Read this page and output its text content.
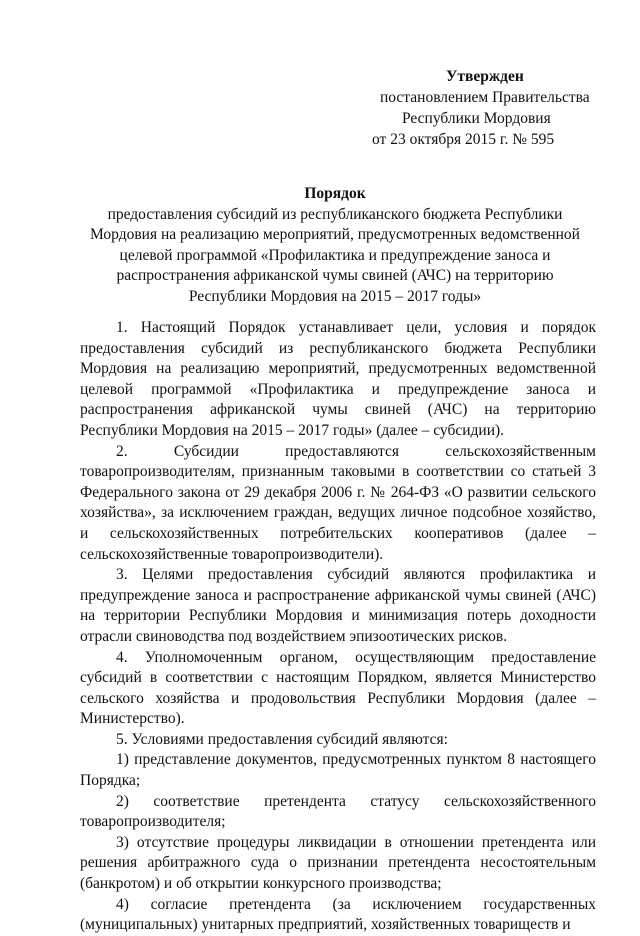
Утвержден
постановлением Правительства
Республики Мордовия
от 23 октября 2015 г. № 595
Порядок
предоставления субсидий из республиканского бюджета Республики
Мордовия на реализацию мероприятий, предусмотренных ведомственной
целевой программой «Профилактика и предупреждение заноса и
распространения африканской чумы свиней (АЧС) на территорию
Республики Мордовия на 2015 – 2017 годы»

1. Настоящий Порядок устанавливает цели, условия и порядок предоставления субсидий из республиканского бюджета Республики Мордовия на реализацию мероприятий, предусмотренных ведомственной целевой программой «Профилактика и предупреждение заноса и распространения африканской чумы свиней (АЧС) на территорию Республики Мордовия на 2015 – 2017 годы» (далее – субсидии).

2. Субсидии предоставляются сельскохозяйственным товаропроизводителям, признанным таковыми в соответствии со статьей 3 Федерального закона от 29 декабря 2006 г. № 264-ФЗ «О развитии сельского хозяйства», за исключением граждан, ведущих личное подсобное хозяйство, и сельскохозяйственных потребительских кооперативов (далее – сельскохозяйственные товаропроизводители).

3. Целями предоставления субсидий являются профилактика и предупреждение заноса и распространение африканской чумы свиней (АЧС) на территории Республики Мордовия и минимизация потерь доходности отрасли свиноводства под воздействием эпизоотических рисков.

4. Уполномоченным органом, осуществляющим предоставление субсидий в соответствии с настоящим Порядком, является Министерство сельского хозяйства и продовольствия Республики Мордовия (далее – Министерство).

5. Условиями предоставления субсидий являются:

1) представление документов, предусмотренных пунктом 8 настоящего Порядка;

2) соответствие претендента статусу сельскохозяйственного товаропроизводителя;

3) отсутствие процедуры ликвидации в отношении претендента или решения арбитражного суда о признании претендента несостоятельным (банкротом) и об открытии конкурсного производства;

4) согласие претендента (за исключением государственных (муниципальных) унитарных предприятий, хозяйственных товариществ и
